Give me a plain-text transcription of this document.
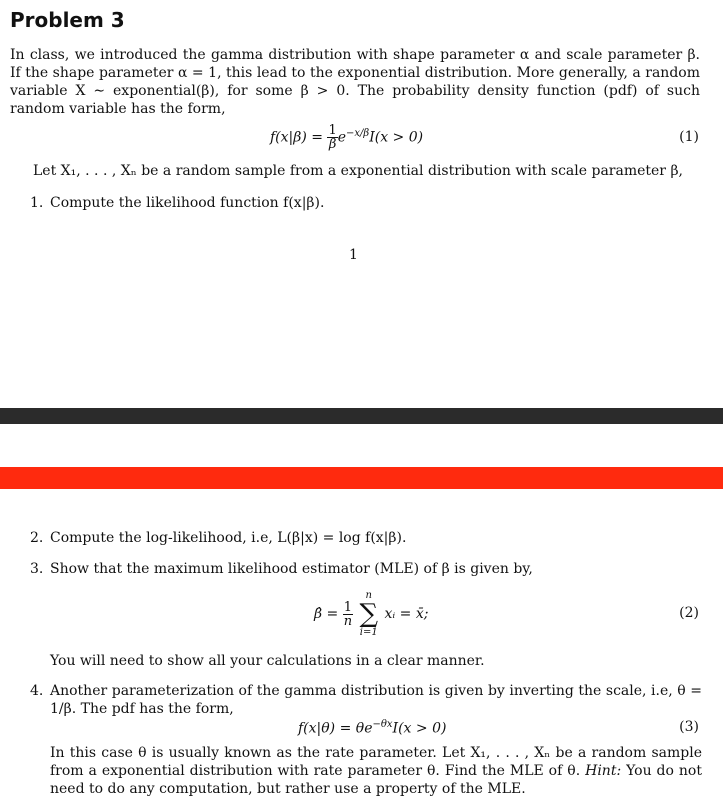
Problem 3
In class, we introduced the gamma distribution with shape parameter α and scale parameter β. If the shape parameter α = 1, this lead to the exponential distribution. More generally, a random variable X ∼ exponential(β), for some β > 0. The probability density function (pdf) of such random variable has the form,
$f(x|\beta) = \frac{1}{\beta} e^{-x/\beta}I(x > 0)$	(1)
Let X₁, . . . , Xₙ be a random sample from a exponential distribution with scale parameter β,
1. Compute the likelihood function f(x|β).
1
2. Compute the log-likelihood, i.e, L(β|x) = log f(x|β).
3. Show that the maximum likelihood estimator (MLE) of β is given by,
β̂ = $\frac{1}{n}$

n
∑
i=1
xᵢ = x̄;	(2)
You will need to show all your calculations in a clear manner.
4. Another parameterization of the gamma distribution is given by inverting the scale, i.e, θ = 1/β. The pdf has the form,
$f(x|\theta) = \theta e^{-\theta x}I(x > 0)$	(3)
In this case θ is usually known as the rate parameter. Let X₁, . . . , Xₙ be a random sample from a exponential distribution with rate parameter θ. Find the MLE of θ. Hint: You do not need to do any computation, but rather use a property of the MLE.
